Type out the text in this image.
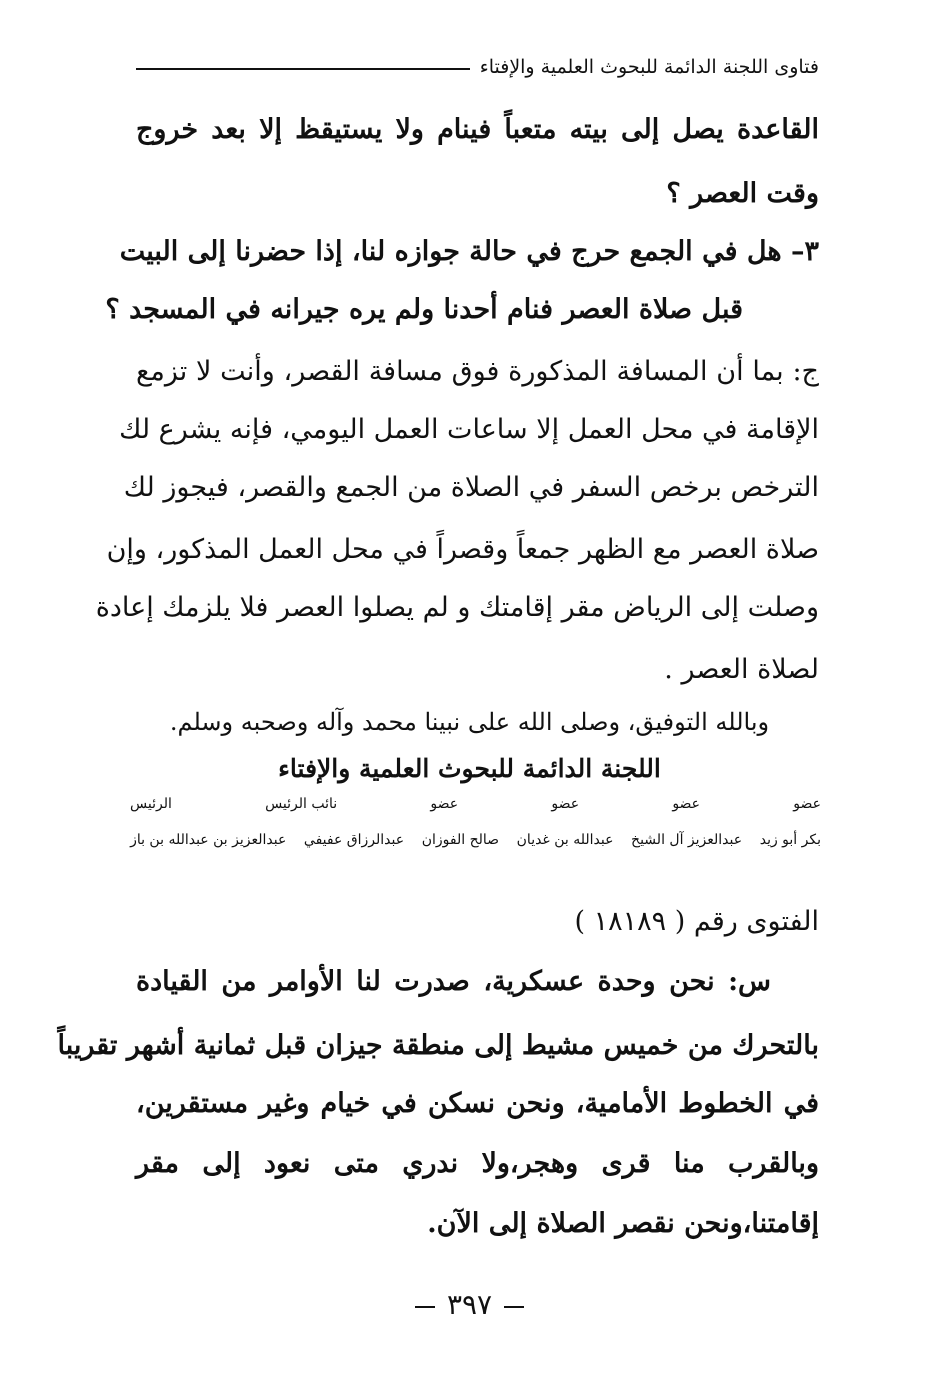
فتاوى اللجنة الدائمة للبحوث العلمية والإفتاء
القاعدة يصل إلى بيته متعباً فينام ولا يستيقظ إلا بعد خروج
وقت العصر ؟
٣– هل في الجمع حرج في حالة جوازه لنا، إذا حضرنا إلى البيت
قبل صلاة العصر فنام أحدنا ولم يره جيرانه في المسجد ؟
ج: بما أن المسافة المذكورة فوق مسافة القصر، وأنت لا تزمع
الإقامة في محل العمل إلا ساعات العمل اليومي، فإنه يشرع لك
الترخص برخص السفر في الصلاة من الجمع والقصر، فيجوز لك
صلاة العصر مع الظهر جمعاً وقصراً في محل العمل المذكور، وإن
وصلت إلى الرياض مقر إقامتك و لم يصلوا العصر فلا يلزمك إعادة
لصلاة العصر .
وبالله التوفيق، وصلى الله على نبينا محمد وآله وصحبه وسلم.
اللجنة الدائمة للبحوث العلمية والإفتاء
عضو
عضو
عضو
عضو
نائب الرئيس
الرئيس
بكر أبو زيد
عبدالعزيز آل الشيخ
عبدالله بن غديان
صالح الفوزان
عبدالرزاق عفيفي
عبدالعزيز بن عبدالله بن باز
الفتوى رقم ( ١٨١٨٩ )
س: نحن وحدة عسكرية، صدرت لنا الأوامر من القيادة
بالتحرك من خميس مشيط إلى منطقة جيزان قبل ثمانية أشهر تقريباً
في الخطوط الأمامية، ونحن نسكن في خيام وغير مستقرين،
وبالقرب منا قرى وهجر،ولا ندري متى نعود إلى مقر
إقامتنا،ونحن نقصر الصلاة إلى الآن.
٣٩٧
